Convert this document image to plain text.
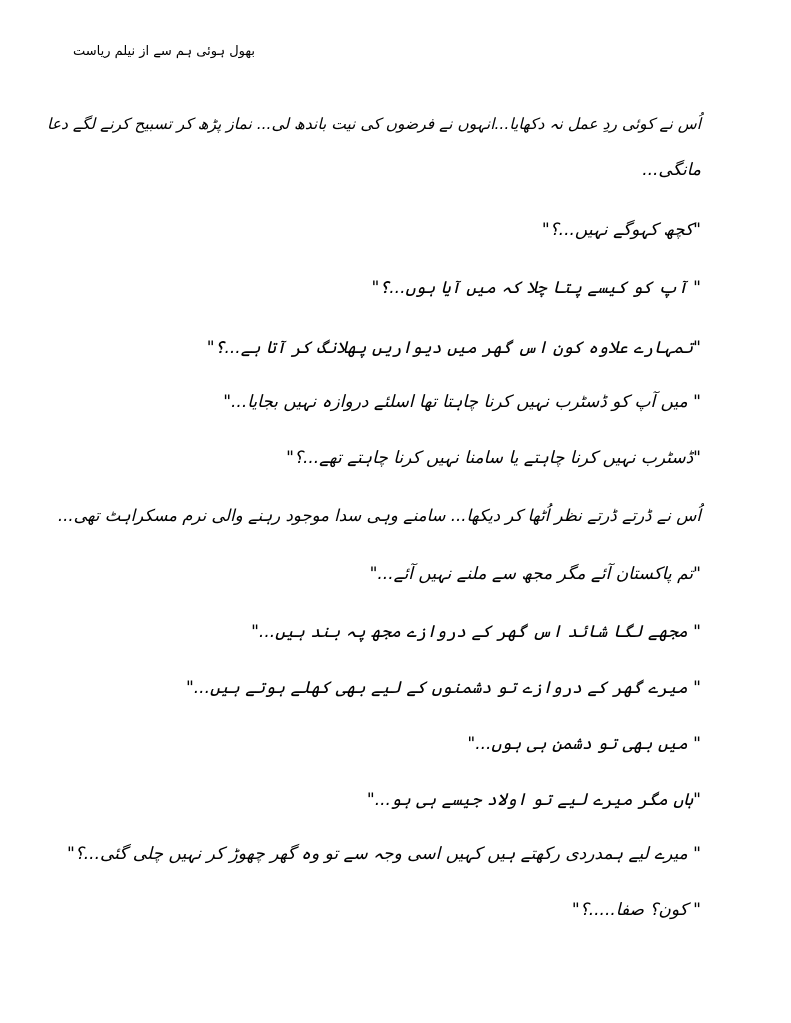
بھول ہوئی ہم سے از نیلم ریاست
اُس نے کوئی ردِ عمل نہ دکھایا...انہوں نے فرضوں کی نیت باندھ لی... نماز پڑھ کر تسبیح کرنے لگے دعا
مانگی...
"کچھ کہوگے نہیں...؟"
" آپ کو کیسے پتا چلا کہ میں آیا ہوں...؟"
"تمہارے علاوہ کون اس گھر میں دیواریں پھلانگ کر آتا ہے...؟"
" میں آپ کو ڈسٹرب نہیں کرنا چاہتا تھا اسلئے دروازہ نہیں بجایا..."
"ڈسٹرب نہیں کرنا چاہتے یا سامنا نہیں کرنا چاہتے تھے...؟"
اُس نے ڈرتے ڈرتے نظر اُٹھا کر دیکھا... سامنے وہی سدا موجود رہنے والی نرم مسکراہٹ تھی...
"تم پاکستان آئے مگر مجھ سے ملنے نہیں آئے..."
" مجھے لگا شائد اس گھر کے دروازے مجھ پہ بند ہیں..."
" میرے گھر کے دروازے تو دشمنوں کے لیے بھی کھلے ہوتے ہیں..."
" میں بھی تو دشمن ہی ہوں..."
"ہاں مگر میرے لیے تو اولاد جیسے ہی ہو..."
" میرے لیے ہمدردی رکھتے ہیں کہیں اسی وجہ سے تو وہ گھر چھوڑ کر نہیں چلی گئی...؟"
" کون؟ صفا.....؟"
